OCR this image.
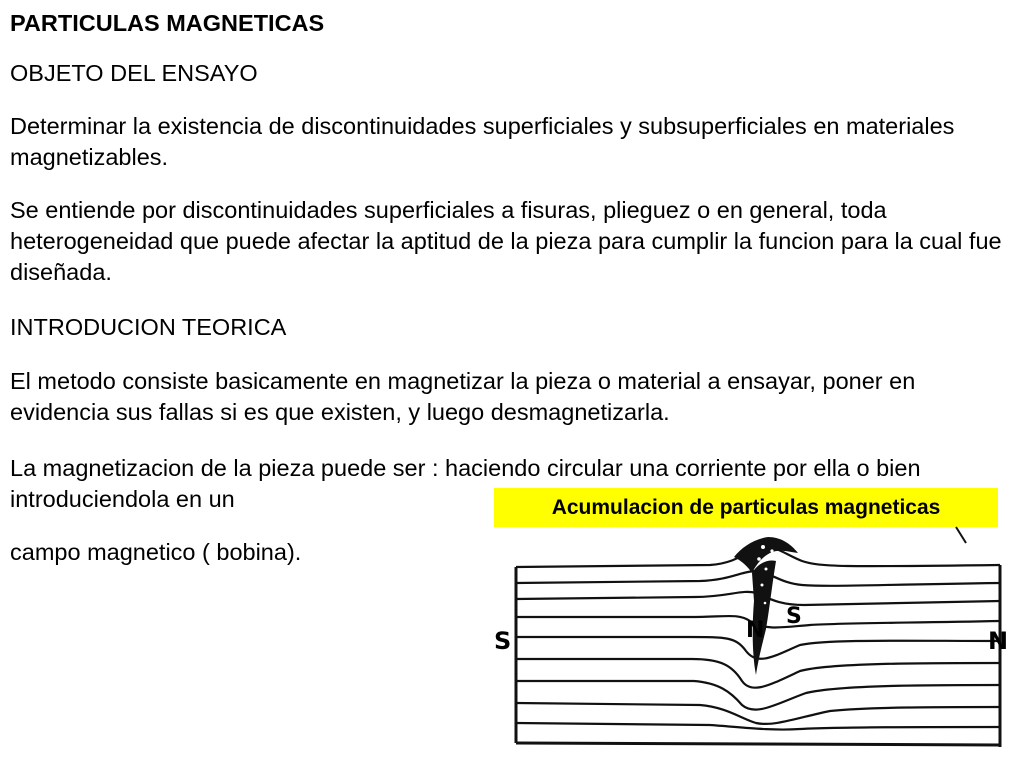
PARTICULAS MAGNETICAS

OBJETO DEL ENSAYO

Determinar la existencia de discontinuidades superficiales y subsuperficiales en materiales magnetizables.

Se entiende por discontinuidades superficiales a fisuras, plieguez o en general, toda heterogeneidad que puede afectar la aptitud de la pieza para cumplir la funcion para la cual fue diseñada.

INTRODUCION TEORICA

El metodo consiste basicamente en magnetizar la pieza o material a ensayar, poner en evidencia sus fallas si es que existen, y luego desmagnetizarla.

La magnetizacion de la pieza puede ser : haciendo circular una corriente por ella o bien introduciendola en un

campo magnetico ( bobina).

Acumulacion de particulas magneticas
S	N
N
S
